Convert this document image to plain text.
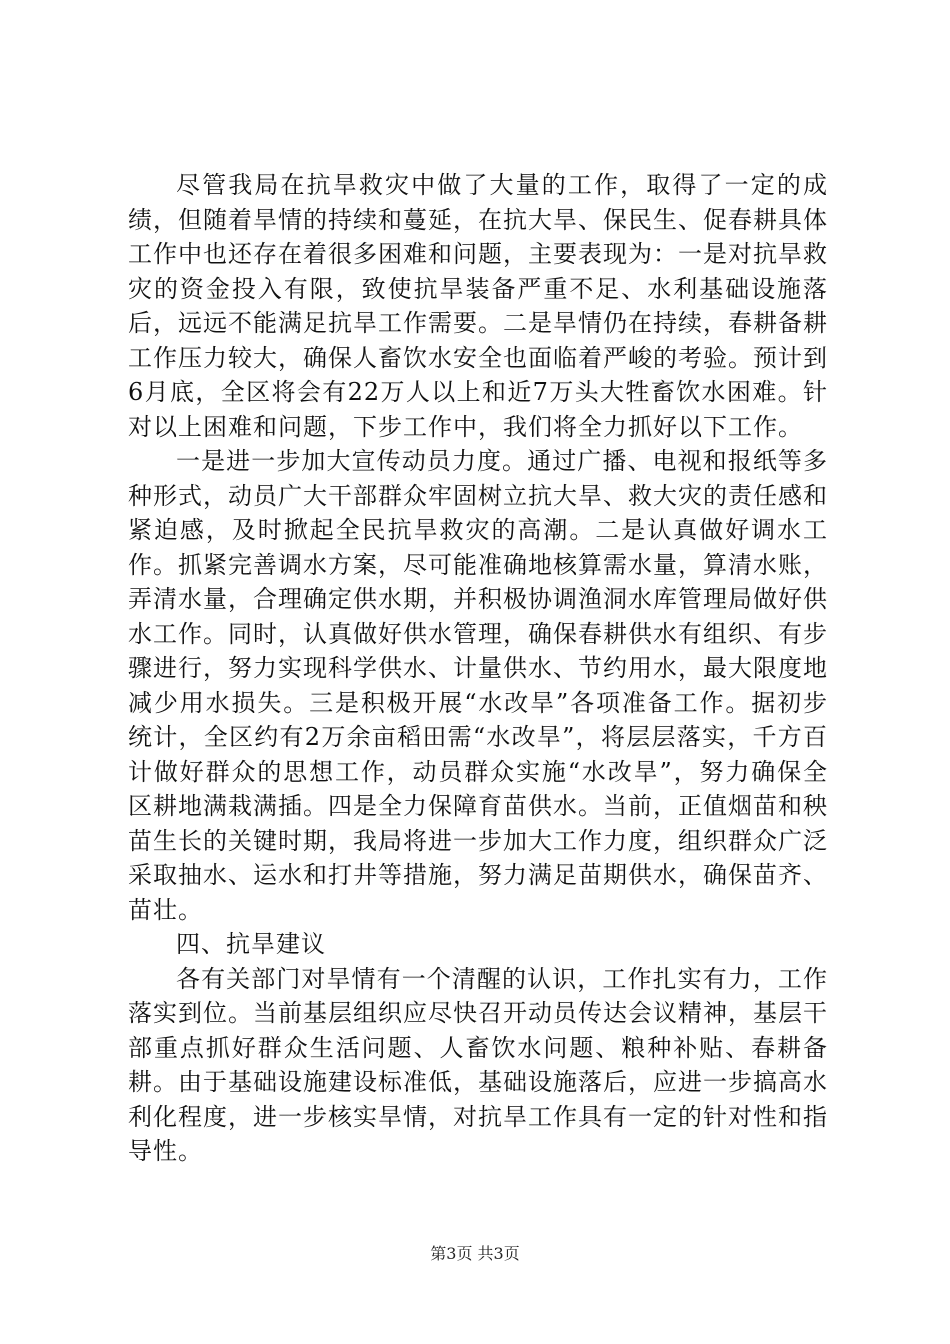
尽管我局在抗旱救灾中做了大量的工作，取得了一定的成绩，但随着旱情的持续和蔓延，在抗大旱、保民生、促春耕具体工作中也还存在着很多困难和问题，主要表现为：一是对抗旱救灾的资金投入有限，致使抗旱装备严重不足、水利基础设施落后，远远不能满足抗旱工作需要。二是旱情仍在持续，春耕备耕工作压力较大，确保人畜饮水安全也面临着严峻的考验。预计到6月底，全区将会有22万人以上和近7万头大牲畜饮水困难。针对以上困难和问题，下步工作中，我们将全力抓好以下工作。

一是进一步加大宣传动员力度。通过广播、电视和报纸等多种形式，动员广大干部群众牢固树立抗大旱、救大灾的责任感和紧迫感，及时掀起全民抗旱救灾的高潮。二是认真做好调水工作。抓紧完善调水方案，尽可能准确地核算需水量，算清水账，弄清水量，合理确定供水期，并积极协调渔洞水库管理局做好供水工作。同时，认真做好供水管理，确保春耕供水有组织、有步骤进行，努力实现科学供水、计量供水、节约用水，最大限度地减少用水损失。三是积极开展“水改旱”各项准备工作。据初步统计，全区约有2万余亩稻田需“水改旱”，将层层落实，千方百计做好群众的思想工作，动员群众实施“水改旱”，努力确保全区耕地满栽满插。四是全力保障育苗供水。当前，正值烟苗和秧苗生长的关键时期，我局将进一步加大工作力度，组织群众广泛采取抽水、运水和打井等措施，努力满足苗期供水，确保苗齐、苗壮。

四、抗旱建议

各有关部门对旱情有一个清醒的认识，工作扎实有力，工作落实到位。当前基层组织应尽快召开动员传达会议精神，基层干部重点抓好群众生活问题、人畜饮水问题、粮种补贴、春耕备耕。由于基础设施建设标准低，基础设施落后，应进一步搞高水利化程度，进一步核实旱情，对抗旱工作具有一定的针对性和指导性。

第3页 共3页
